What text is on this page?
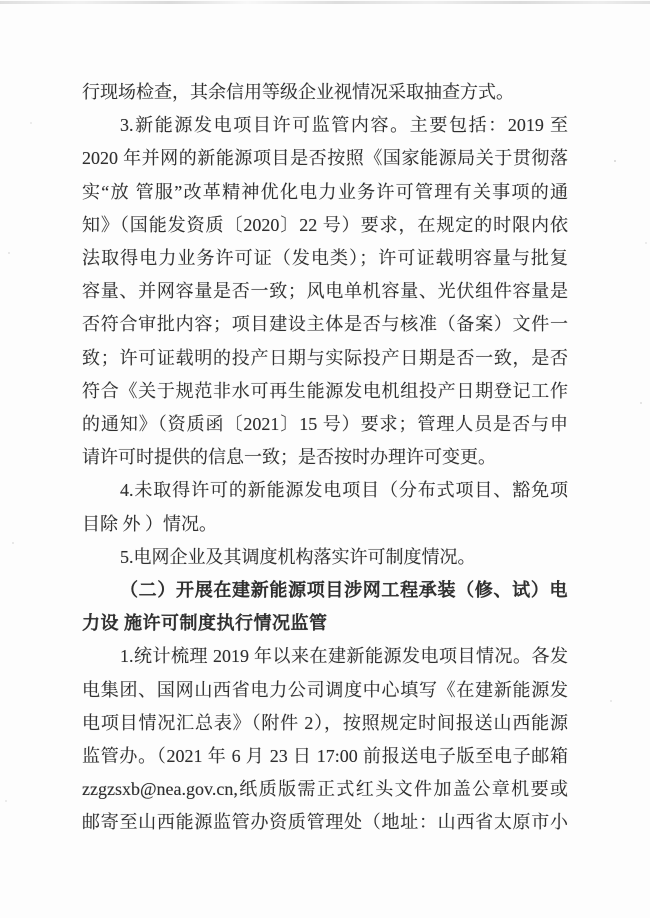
行现场检查，其余信用等级企业视情况采取抽查方式。
3.新能源发电项目许可监管内容。主要包括：2019 至
2020 年并网的新能源项目是否按照《国家能源局关于贯彻落
实“放 管服”改革精神优化电力业务许可管理有关事项的通
知》（国能发资质〔2020〕22 号）要求，在规定的时限内依
法取得电力业务许可证（发电类）；许可证载明容量与批复
容量、并网容量是否一致；风电单机容量、光伏组件容量是
否符合审批内容；项目建设主体是否与核准（备案）文件一
致；许可证载明的投产日期与实际投产日期是否一致，是否
符合《关于规范非水可再生能源发电机组投产日期登记工作
的通知》（资质函〔2021〕15 号）要求；管理人员是否与申
请许可时提供的信息一致；是否按时办理许可变更。
4.未取得许可的新能源发电项目（分布式项目、豁免项
目除 外 ）情况。
5.电网企业及其调度机构落实许可制度情况。
（二）开展在建新能源项目涉网工程承装（修、试）电
力设 施许可制度执行情况监管
1.统计梳理 2019 年以来在建新能源发电项目情况。各发
电集团、国网山西省电力公司调度中心填写《在建新能源发
电项目情况汇总表》（附件 2），按照规定时间报送山西能源
监管办。（2021 年 6 月 23 日 17:00 前报送电子版至电子邮箱
zzgzsxb@nea.gov.cn,纸质版需正式红头文件加盖公章机要或
邮寄至山西能源监管办资质管理处（地址：山西省太原市小
